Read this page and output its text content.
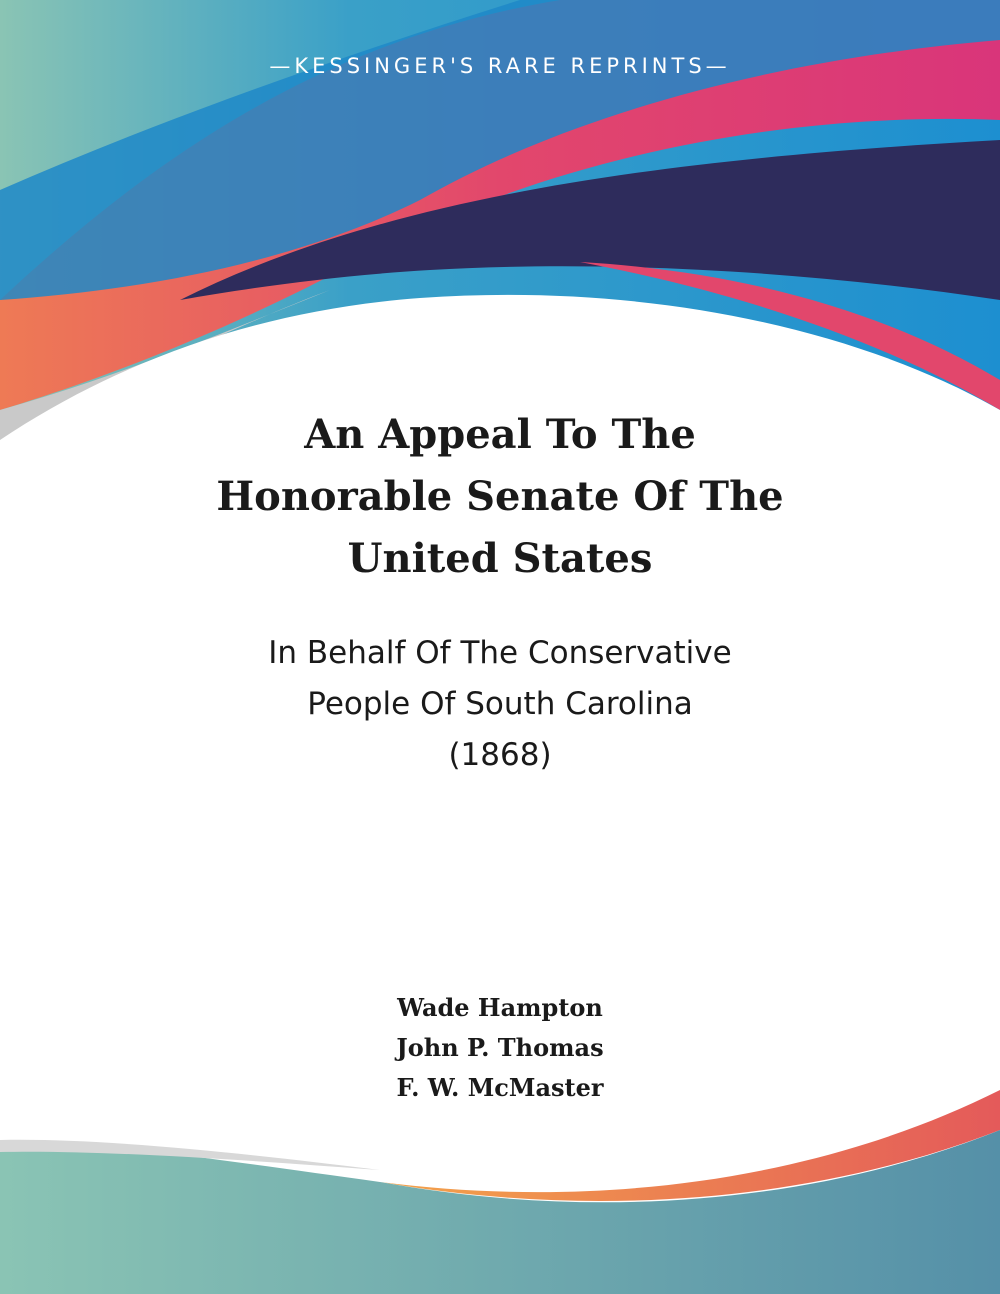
—KESSINGER'S RARE REPRINTS—
An Appeal To The
Honorable Senate Of The
United States
In Behalf Of The Conservative
People Of South Carolina
(1868)
Wade Hampton
John P. Thomas
F. W. McMaster
